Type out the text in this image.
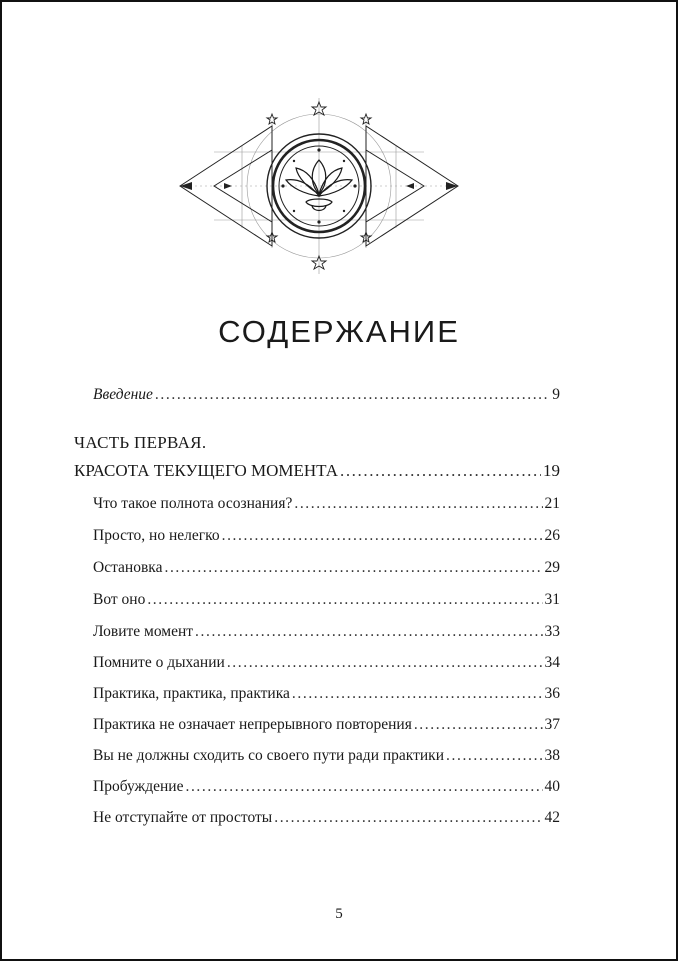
СОДЕРЖАНИЕ
Введение .....	9
ЧАСТЬ ПЕРВАЯ.
КРАСОТА ТЕКУЩЕГО МОМЕНТА .....	19
Что такое полнота осознания? .....	21
Просто, но нелегко .....	26
Остановка .....	29
Вот оно .....	31
Ловите момент .....	33
Помните о дыхании .....	34
Практика, практика, практика .....	36
Практика не означает непрерывного повторения .....	37
Вы не должны сходить со своего пути ради практики .....	38
Пробуждение .....	40
Не отступайте от простоты .....	42
5
